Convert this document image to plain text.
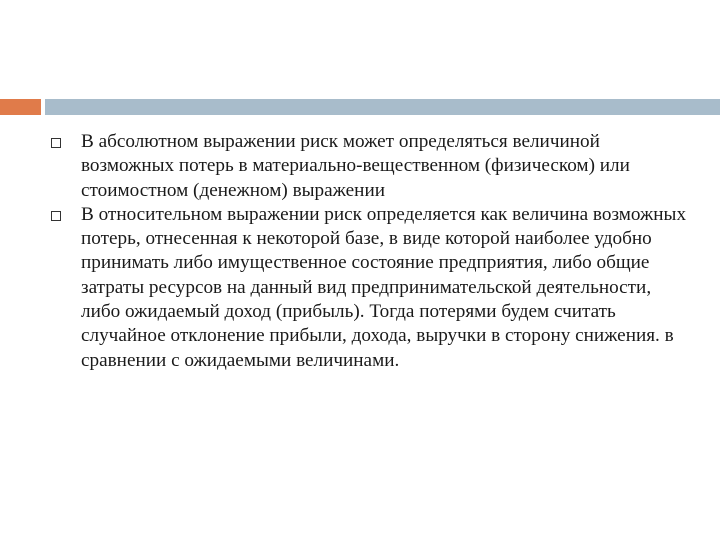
В абсолютном выражении риск может определяться величиной возможных потерь в материально-вещественном (физическом) или стоимостном (денежном) выражении
В относительном выражении риск определяется как величина возможных потерь, отнесенная к некоторой базе, в виде которой наиболее удобно принимать либо имущественное состояние предприятия, либо общие затраты ресурсов на данный вид предпринимательской деятельности, либо ожидаемый доход (прибыль). Тогда потерями будем считать случайное отклонение прибыли, дохода, выручки в сторону снижения. в сравнении с ожидаемыми величинами.
